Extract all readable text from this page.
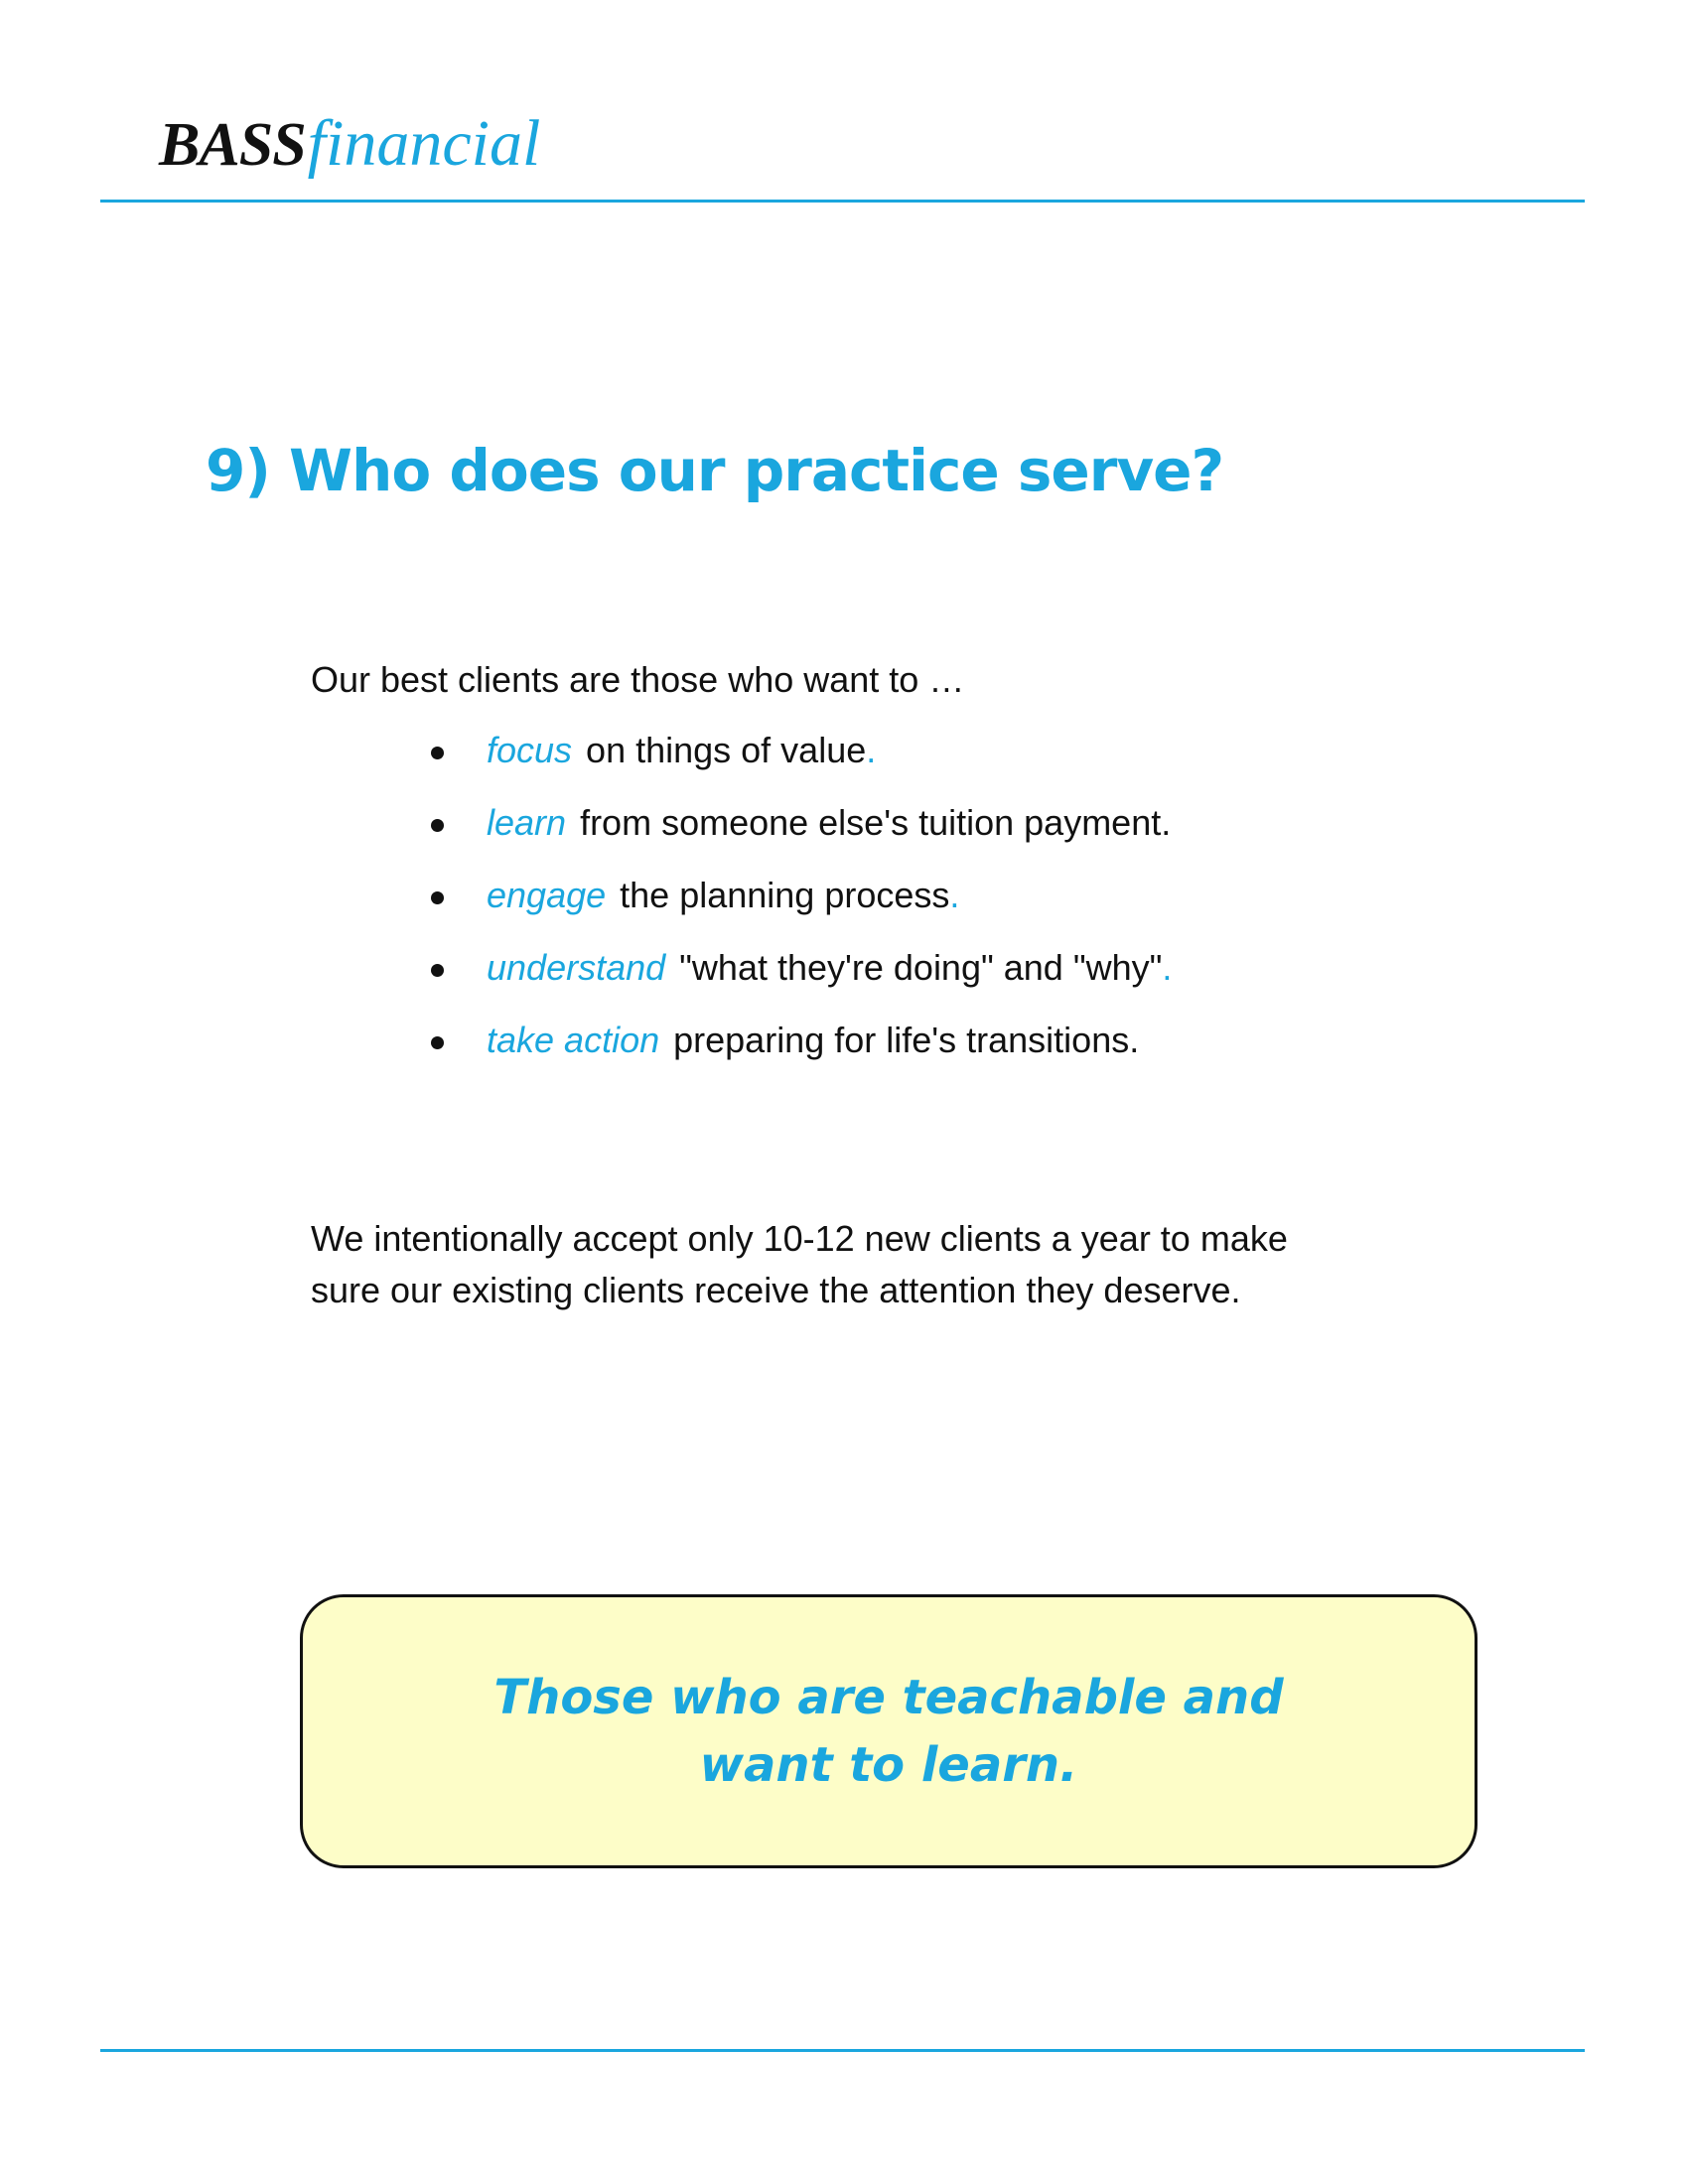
BASSfinancial
9) Who does our practice serve?

Our best clients are those who want to …

focus on things of value.
learn from someone else's tuition payment.
engage the planning process.
understand "what they're doing" and "why".
take action preparing for life's transitions.

We intentionally accept only 10-12 new clients a year to make
sure our existing clients receive the attention they deserve.

Those who are teachable and
want to learn.
